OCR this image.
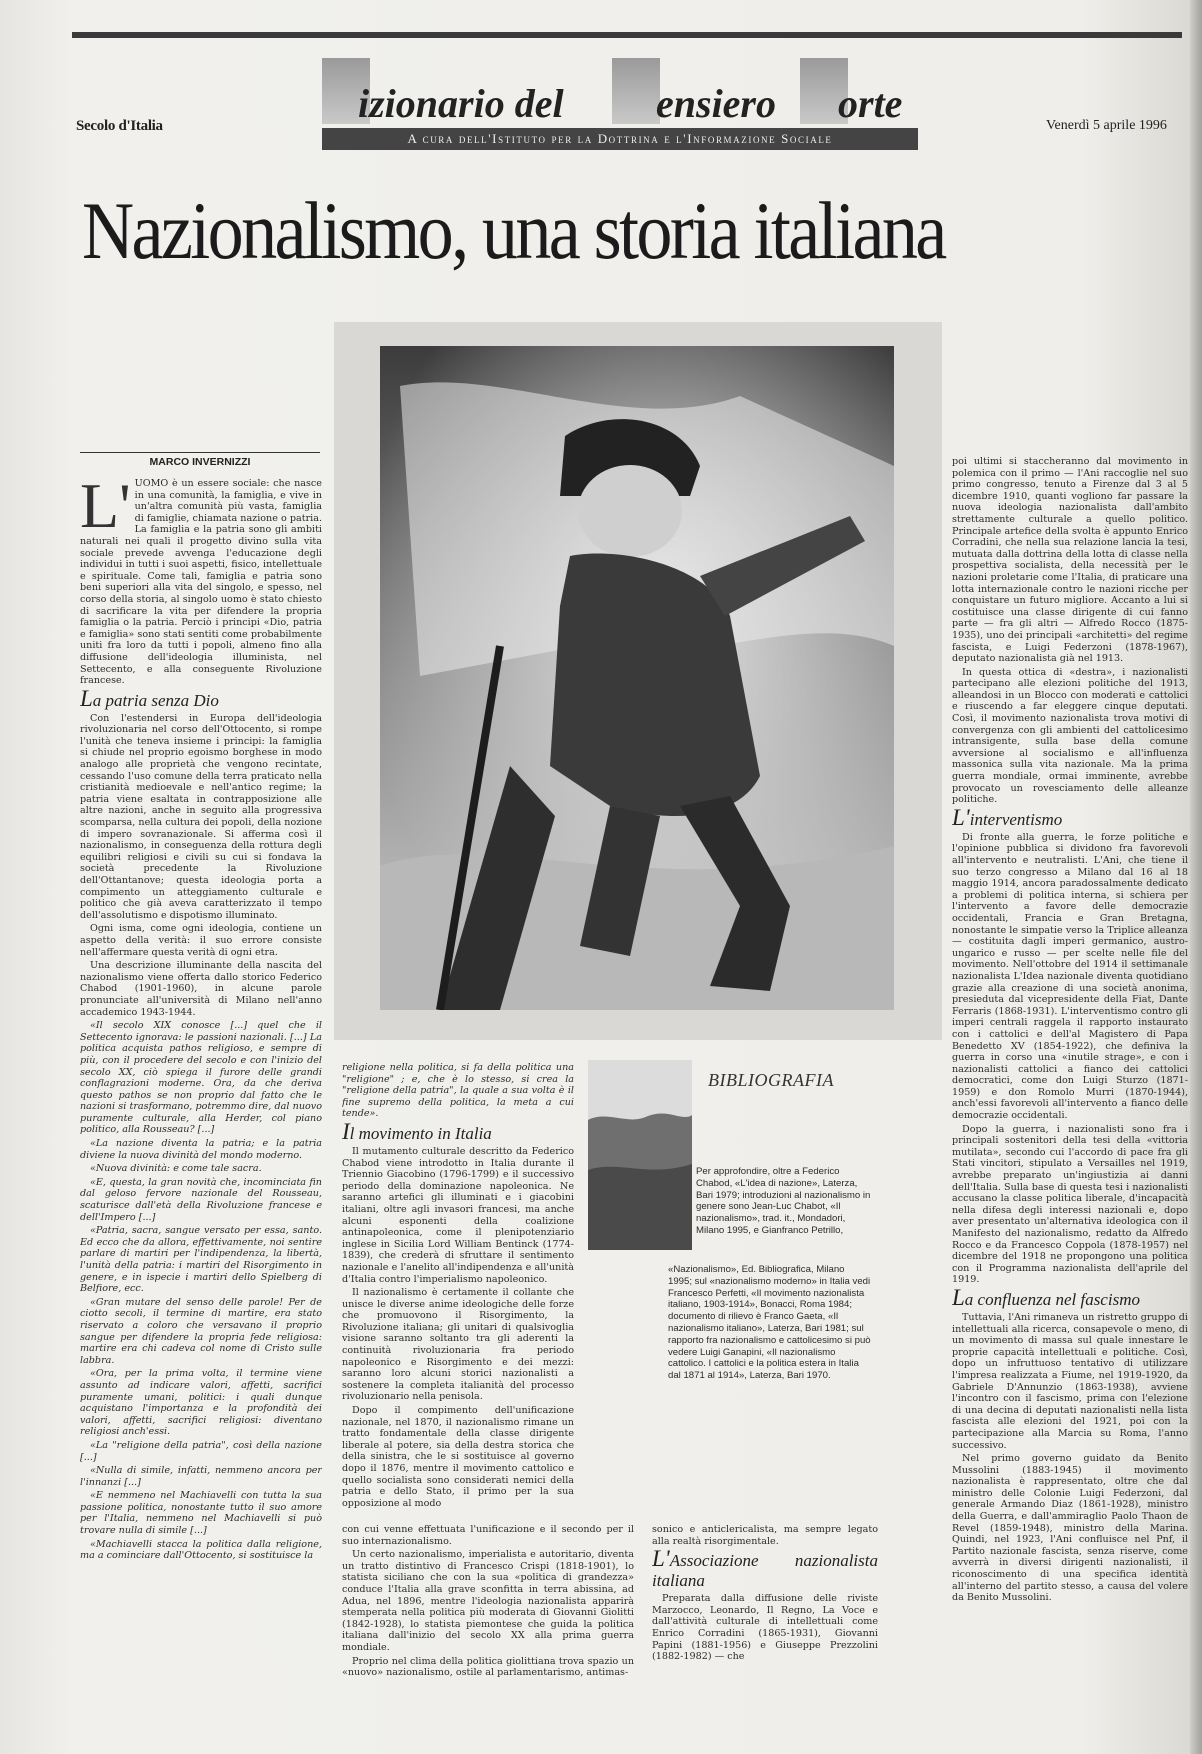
Secolo d'Italia	Venerdì 5 aprile 1996
izionario del ensiero orte
A cura dell'Istituto per la Dottrina e l'Informazione Sociale
Nazionalismo, una storia italiana
MARCO INVERNIZZI

L' UOMO è un essere sociale: che nasce in una comunità, la famiglia, e vive in un'altra comunità più vasta, famiglia di famiglie, chiamata nazione o patria. La famiglia e la patria sono gli ambiti naturali nei quali il progetto divino sulla vita sociale prevede avvenga l'educazione degli individui in tutti i suoi aspetti, fisico, intellettuale e spirituale. Come tali, famiglia e patria sono beni superiori alla vita del singolo, e spesso, nel corso della storia, al singolo uomo è stato chiesto di sacrificare la vita per difendere la propria famiglia o la patria. Perciò i principi «Dio, patria e famiglia» sono stati sentiti come probabilmente uniti fra loro da tutti i popoli, almeno fino alla diffusione dell'ideologia illuminista, nel Settecento, e alla conseguente Rivoluzione francese.

La patria senza Dio

Con l'estendersi in Europa dell'ideologia rivoluzionaria nel corso dell'Ottocento, si rompe l'unità che teneva insieme i principi: la famiglia si chiude nel proprio egoismo borghese in modo analogo alle proprietà che vengono recintate, cessando l'uso comune della terra praticato nella cristianità medioevale e nell'antico regime; la patria viene esaltata in contrapposizione alle altre nazioni, anche in seguito alla progressiva scomparsa, nella cultura dei popoli, della nozione di impero sovranazionale. Si afferma così il nazionalismo, in conseguenza della rottura degli equilibri religiosi e civili su cui si fondava la società precedente la Rivoluzione dell'Ottantanove; questa ideologia porta a compimento un atteggiamento culturale e politico che già aveva caratterizzato il tempo dell'assolutismo e dispotismo illuminato.

Ogni isma, come ogni ideologia, contiene un aspetto della verità: il suo errore consiste nell'affermare questa verità di ogni etra.

Una descrizione illuminante della nascita del nazionalismo viene offerta dallo storico Federico Chabod (1901-1960), in alcune parole pronunciate all'università di Milano nell'anno accademico 1943-1944.

«Il secolo XIX conosce [...] quel che il Settecento ignorava: le passioni nazionali. [...] La politica acquista pathos religioso, e sempre di più, con il procedere del secolo e con l'inizio del secolo XX, ciò spiega il furore delle grandi conflagrazioni moderne. Ora, da che deriva questo pathos se non proprio dal fatto che le nazioni si trasformano, potremmo dire, dal nuovo puramente culturale, alla Herder, col piano politico, alla Rousseau? [...]

«La nazione diventa la patria; e la patria diviene la nuova divinità del mondo moderno.

«Nuova divinità: e come tale sacra.

«E, questa, la gran novità che, incominciata fin dal geloso fervore nazionale del Rousseau, scaturisce dall'età della Rivoluzione francese e dell'Impero [...]

«Patria, sacra, sangue versato per essa, santo. Ed ecco che da allora, effettivamente, noi sentire parlare di martiri per l'indipendenza, la libertà, l'unità della patria: i martiri del Risorgimento in genere, e in ispecie i martiri dello Spielberg di Belfiore, ecc.

«Gran mutare del senso delle parole! Per de ciotto secoli, il termine di martire, era stato riservato a coloro che versavano il proprio sangue per difendere la propria fede religiosa: martire era chi cadeva col nome di Cristo sulle labbra.

«Ora, per la prima volta, il termine viene assunto ad indicare valori, affetti, sacrifici puramente umani, politici: i quali dunque acquistano l'importanza e la profondità dei valori, affetti, sacrifici religiosi: diventano religiosi anch'essi.

«La "religione della patria", così della nazione [...]

«Nulla di simile, infatti, nemmeno ancora per l'innanzi [...]

«E nemmeno nel Machiavelli con tutta la sua passione politica, nonostante tutto il suo amore per l'Italia, nemmeno nel Machiavelli si può trovare nulla di simile [...]

«Machiavelli stacca la politica dalla religione, ma a cominciare dall'Ottocento, si sostituisce la

religione nella politica, si fa della politica una "religione" ; e, che è lo stesso, si crea la "religione della patria", la quale a sua volta è il fine supremo della politica, la meta a cui tende».

Il movimento in Italia

Il mutamento culturale descritto da Federico Chabod viene introdotto in Italia durante il Triennio Giacobino (1796-1799) e il successivo periodo della dominazione napoleonica. Ne saranno artefici gli illuminati e i giacobini italiani, oltre agli invasori francesi, ma anche alcuni esponenti della coalizione antinapoleonica, come il plenipotenziario inglese in Sicilia Lord William Bentinck (1774-1839), che crederà di sfruttare il sentimento nazionale e l'anelito all'indipendenza e all'unità d'Italia contro l'imperialismo napoleonico.

Il nazionalismo è certamente il collante che unisce le diverse anime ideologiche delle forze che promuovono il Risorgimento, la Rivoluzione italiana; gli unitari di qualsivoglia visione saranno soltanto tra gli aderenti la continuità rivoluzionaria fra periodo napoleonico e Risorgimento e dei mezzi: saranno loro alcuni storici nazionalisti a sostenere la completa italianità del processo rivoluzionario nella penisola.

Dopo il compimento dell'unificazione nazionale, nel 1870, il nazionalismo rimane un tratto fondamentale della classe dirigente liberale al potere, sia della destra storica che della sinistra, che le si sostituisce al governo dopo il 1876, mentre il movimento cattolico e quello socialista sono considerati nemici della patria e dello Stato, il primo per la sua opposizione al modo

con cui venne effettuata l'unificazione e il secondo per il suo internazionalismo.

Un certo nazionalismo, imperialista e autoritario, diventa un tratto distintivo di Francesco Crispi (1818-1901), lo statista siciliano che con la sua «politica di grandezza» conduce l'Italia alla grave sconfitta in terra abissina, ad Adua, nel 1896, mentre l'ideologia nazionalista apparirà stemperata nella politica più moderata di Giovanni Giolitti (1842-1928), lo statista piemontese che guida la politica italiana dall'inizio del secolo XX alla prima guerra mondiale.

Proprio nel clima della politica giolittiana trova spazio un «nuovo» nazionalismo, ostile al parlamentarismo, antimas-

BIBLIOGRAFIA
Per approfondire, oltre a Federico Chabod, «L'idea di nazione», Laterza, Bari 1979; introduzioni al nazionalismo in genere sono Jean-Luc Chabot, «Il nazionalismo», trad. it., Mondadori, Milano 1995, e Gianfranco Petrillo,
«Nazionalismo», Ed. Bibliografica, Milano 1995; sul «nazionalismo moderno» in Italia vedi Francesco Perfetti, «Il movimento nazionalista italiano, 1903-1914», Bonacci, Roma 1984; documento di rilievo è Franco Gaeta, «Il nazionalismo italiano», Laterza, Bari 1981; sul rapporto fra nazionalismo e cattolicesimo si può vedere Luigi Ganapini, «Il nazionalismo cattolico. I cattolici e la politica estera in Italia dal 1871 al 1914», Laterza, Bari 1970.

sonico e anticlericalista, ma sempre legato alla realtà risorgimentale.

L'Associazione nazionalista italiana

Preparata dalla diffusione delle riviste Marzocco, Leonardo, Il Regno, La Voce e dall'attività culturale di intellettuali come Enrico Corradini (1865-1931), Giovanni Papini (1881-1956) e Giuseppe Prezzolini (1882-1982) — che

poi ultimi si staccheranno dal movimento in polemica con il primo — l'Ani raccoglie nel suo primo congresso, tenuto a Firenze dal 3 al 5 dicembre 1910, quanti vogliono far passare la nuova ideologia nazionalista dall'ambito strettamente culturale a quello politico. Principale artefice della svolta è appunto Enrico Corradini, che nella sua relazione lancia la tesi, mutuata dalla dottrina della lotta di classe nella prospettiva socialista, della necessità per le nazioni proletarie come l'Italia, di praticare una lotta internazionale contro le nazioni ricche per conquistare un futuro migliore. Accanto a lui si costituisce una classe dirigente di cui fanno parte — fra gli altri — Alfredo Rocco (1875-1935), uno dei principali «architetti» del regime fascista, e Luigi Federzoni (1878-1967), deputato nazionalista già nel 1913.

In questa ottica di «destra», i nazionalisti partecipano alle elezioni politiche del 1913, alleandosi in un Blocco con moderati e cattolici e riuscendo a far eleggere cinque deputati. Così, il movimento nazionalista trova motivi di convergenza con gli ambienti del cattolicesimo intransigente, sulla base della comune avversione al socialismo e all'influenza massonica sulla vita nazionale. Ma la prima guerra mondiale, ormai imminente, avrebbe provocato un rovesciamento delle alleanze politiche.

L'interventismo

Di fronte alla guerra, le forze politiche e l'opinione pubblica si dividono fra favorevoli all'intervento e neutralisti. L'Ani, che tiene il suo terzo congresso a Milano dal 16 al 18 maggio 1914, ancora paradossalmente dedicato a problemi di politica interna, si schiera per l'intervento a favore delle democrazie occidentali, Francia e Gran Bretagna, nonostante le simpatie verso la Triplice alleanza — costituita dagli imperi germanico, austro-ungarico e russo — per scelte nelle file del movimento. Nell'ottobre del 1914 il settimanale nazionalista L'Idea nazionale diventa quotidiano grazie alla creazione di una società anonima, presieduta dal vicepresidente della Fiat, Dante Ferraris (1868-1931). L'interventismo contro gli imperi centrali raggela il rapporto instaurato con i cattolici e dell'al Magistero di Papa Benedetto XV (1854-1922), che definiva la guerra in corso una «inutile strage», e con i nazionalisti cattolici a fianco dei cattolici democratici, come don Luigi Sturzo (1871-1959) e don Romolo Murri (1870-1944), anch'essi favorevoli all'intervento a fianco delle democrazie occidentali.

Dopo la guerra, i nazionalisti sono fra i principali sostenitori della tesi della «vittoria mutilata», secondo cui l'accordo di pace fra gli Stati vincitori, stipulato a Versailles nel 1919, avrebbe preparato un'ingiustizia ai danni dell'Italia. Sulla base di questa tesi i nazionalisti accusano la classe politica liberale, d'incapacità nella difesa degli interessi nazionali e, dopo aver presentato un'alternativa ideologica con il Manifesto del nazionalismo, redatto da Alfredo Rocco e da Francesco Coppola (1878-1957) nel dicembre del 1918 ne propongono una politica con il Programma nazionalista dell'aprile del 1919.

La confluenza nel fascismo

Tuttavia, l'Ani rimaneva un ristretto gruppo di intellettuali alla ricerca, consapevole o meno, di un movimento di massa sul quale innestare le proprie capacità intellettuali e politiche. Così, dopo un infruttuoso tentativo di utilizzare l'impresa realizzata a Fiume, nel 1919-1920, da Gabriele D'Annunzio (1863-1938), avviene l'incontro con il fascismo, prima con l'elezione di una decina di deputati nazionalisti nella lista fascista alle elezioni del 1921, poi con la partecipazione alla Marcia su Roma, l'anno successivo.

Nel primo governo guidato da Benito Mussolini (1883-1945) il movimento nazionalista è rappresentato, oltre che dal ministro delle Colonie Luigi Federzoni, dal generale Armando Diaz (1861-1928), ministro della Guerra, e dall'ammiraglio Paolo Thaon de Revel (1859-1948), ministro della Marina. Quindi, nel 1923, l'Ani confluisce nel Pnf, il Partito nazionale fascista, senza riserve, come avverrà in diversi dirigenti nazionalisti, il riconoscimento di una specifica identità all'interno del partito stesso, a causa del volere da Benito Mussolini.
